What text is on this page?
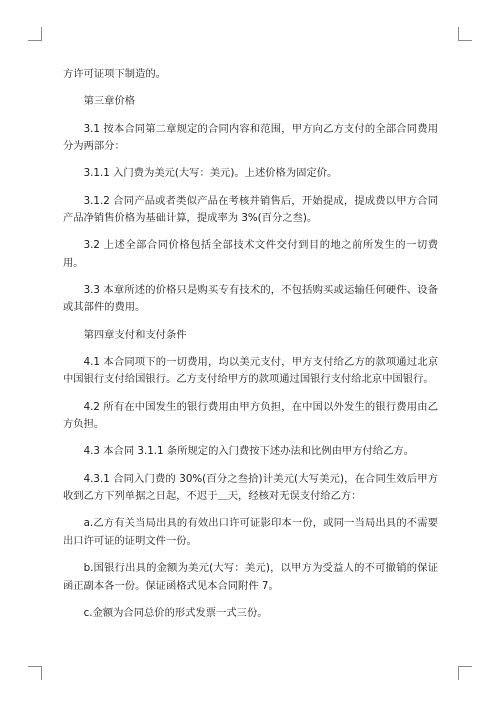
方许可证项下制造的。

第三章价格

3.1 按本合同第二章规定的合同内容和范围，甲方向乙方支付的全部合同费用分为两部分：

3.1.1 入门费为美元(大写：美元)。上述价格为固定价。

3.1.2 合同产品或者类似产品在考核并销售后，开始提成，提成费以甲方合同产品净销售价格为基础计算，提成率为 3%(百分之叁)。

3.2 上述全部合同价格包括全部技术文件交付到目的地之前所发生的一切费用。

3.3 本章所述的价格只是购买专有技术的，不包括购买或运输任何硬件、设备或其部件的费用。

第四章支付和支付条件

4.1 本合同项下的一切费用，均以美元支付，甲方支付给乙方的款项通过北京中国银行支付给国银行。乙方支付给甲方的款项通过国银行支付给北京中国银行。

4.2 所有在中国发生的银行费用由甲方负担，在中国以外发生的银行费用由乙方负担。

4.3 本合同 3.1.1 条所规定的入门费按下述办法和比例由甲方付给乙方。

4.3.1 合同入门费的 30%(百分之叁拾)计美元(大写美元)，在合同生效后甲方收到乙方下列单据之日起，不迟于＿天，经核对无误支付给乙方：

a.乙方有关当局出具的有效出口许可证影印本一份，或同一当局出具的不需要出口许可证的证明文件一份。

b.国银行出具的金额为美元(大写：美元)，以甲方为受益人的不可撤销的保证函正副本各一份。保证函格式见本合同附件 7。

c.金额为合同总价的形式发票一式三份。
